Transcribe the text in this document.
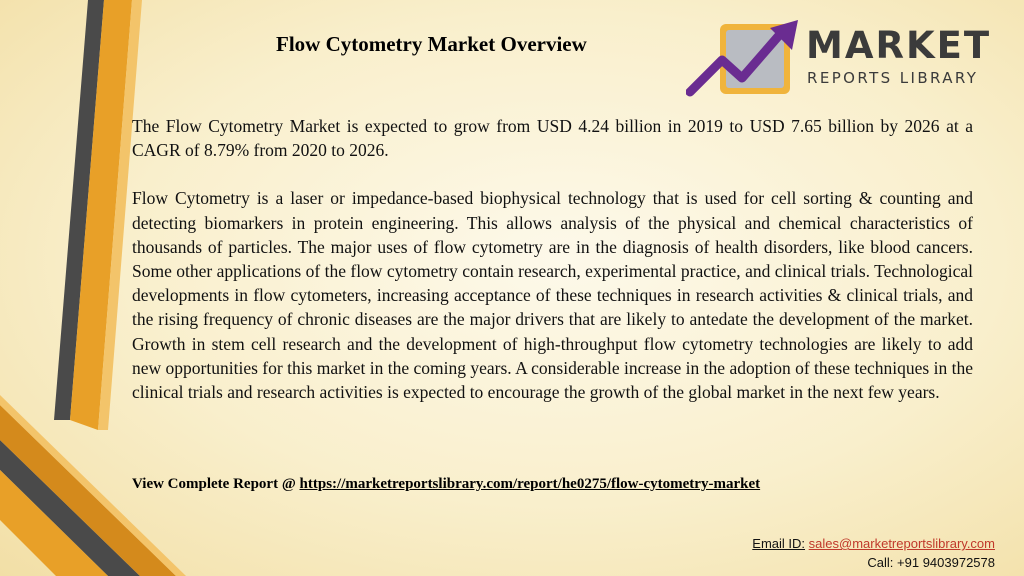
Flow Cytometry Market Overview	MARKET
REPORTS LIBRARY

The Flow Cytometry Market is expected to grow from USD 4.24 billion in 2019 to USD 7.65 billion by 2026 at a CAGR of 8.79% from 2020 to 2026.

Flow Cytometry is a laser or impedance-based biophysical technology that is used for cell sorting & counting and detecting biomarkers in protein engineering. This allows analysis of the physical and chemical characteristics of thousands of particles. The major uses of flow cytometry are in the diagnosis of health disorders, like blood cancers. Some other applications of the flow cytometry contain research, experimental practice, and clinical trials. Technological developments in flow cytometers, increasing acceptance of these techniques in research activities & clinical trials, and the rising frequency of chronic diseases are the major drivers that are likely to antedate the development of the market. Growth in stem cell research and the development of high-throughput flow cytometry technologies are likely to add new opportunities for this market in the coming years. A considerable increase in the adoption of these techniques in the clinical trials and research activities is expected to encourage the growth of the global market in the next few years.

View Complete Report @ https://marketreportslibrary.com/report/he0275/flow-cytometry-market
Email ID: sales@marketreportslibrary.com
Call: +91 9403972578
